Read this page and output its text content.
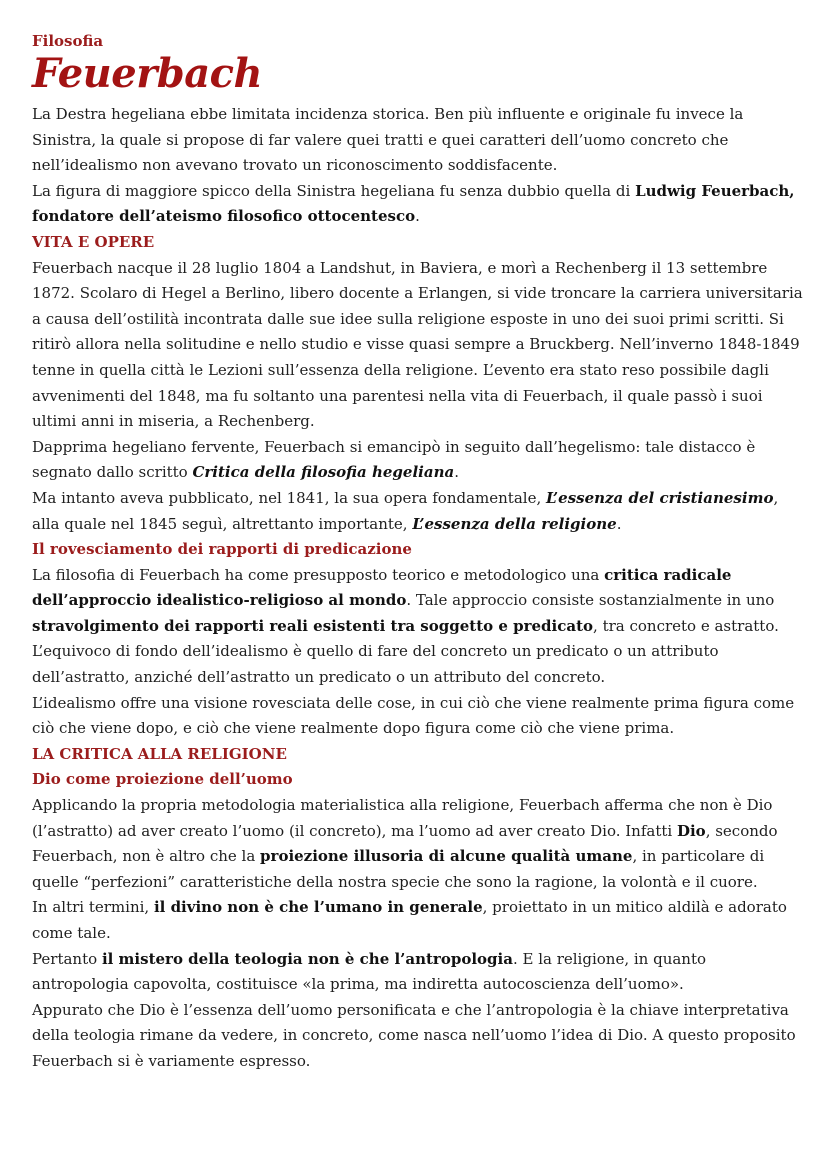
Filosofia
Feuerbach

La Destra hegeliana ebbe limitata incidenza storica. Ben più influente e originale fu invece la Sinistra, la quale si propose di far valere quei tratti e quei caratteri dell’uomo concreto che nell’idealismo non avevano trovato un riconoscimento soddisfacente.

La figura di maggiore spicco della Sinistra hegeliana fu senza dubbio quella di Ludwig Feuerbach, fondatore dell’ateismo filosofico ottocentesco.

VITA E OPERE

Feuerbach nacque il 28 luglio 1804 a Landshut, in Baviera, e morì a Rechenberg il 13 settembre 1872. Scolaro di Hegel a Berlino, libero docente a Erlangen, si vide troncare la carriera universitaria a causa dell’ostilità incontrata dalle sue idee sulla religione esposte in uno dei suoi primi scritti. Si ritirò allora nella solitudine e nello studio e visse quasi sempre a Bruckberg. Nell’inverno 1848-1849 tenne in quella città le Lezioni sull’essenza della religione. L’evento era stato reso possibile dagli avvenimenti del 1848, ma fu soltanto una parentesi nella vita di Feuerbach, il quale passò i suoi ultimi anni in miseria, a Rechenberg.

Dapprima hegeliano fervente, Feuerbach si emancipò in seguito dall’hegelismo: tale distacco è segnato dallo scritto Critica della filosofia hegeliana.

Ma intanto aveva pubblicato, nel 1841, la sua opera fondamentale, L’essenza del cristianesimo, alla quale nel 1845 seguì, altrettanto importante, L’essenza della religione.

Il rovesciamento dei rapporti di predicazione

La filosofia di Feuerbach ha come presupposto teorico e metodologico una critica radicale dell’approccio idealistico-religioso al mondo. Tale approccio consiste sostanzialmente in uno stravolgimento dei rapporti reali esistenti tra soggetto e predicato, tra concreto e astratto. L’equivoco di fondo dell’idealismo è quello di fare del concreto un predicato o un attributo dell’astratto, anziché dell’astratto un predicato o un attributo del concreto.

L’idealismo offre una visione rovesciata delle cose, in cui ciò che viene realmente prima figura come ciò che viene dopo, e ciò che viene realmente dopo figura come ciò che viene prima.

LA CRITICA ALLA RELIGIONE
Dio come proiezione dell’uomo

Applicando la propria metodologia materialistica alla religione, Feuerbach afferma che non è Dio (l’astratto) ad aver creato l’uomo (il concreto), ma l’uomo ad aver creato Dio. Infatti Dio, secondo Feuerbach, non è altro che la proiezione illusoria di alcune qualità umane, in particolare di quelle “perfezioni” caratteristiche della nostra specie che sono la ragione, la volontà e il cuore.

In altri termini, il divino non è che l’umano in generale, proiettato in un mitico aldilà e adorato come tale.

Pertanto il mistero della teologia non è che l’antropologia. E la religione, in quanto antropologia capovolta, costituisce «la prima, ma indiretta autocoscienza dell’uomo».

Appurato che Dio è l’essenza dell’uomo personificata e che l’antropologia è la chiave interpretativa della teologia rimane da vedere, in concreto, come nasca nell’uomo l’idea di Dio. A questo proposito Feuerbach si è variamente espresso.
